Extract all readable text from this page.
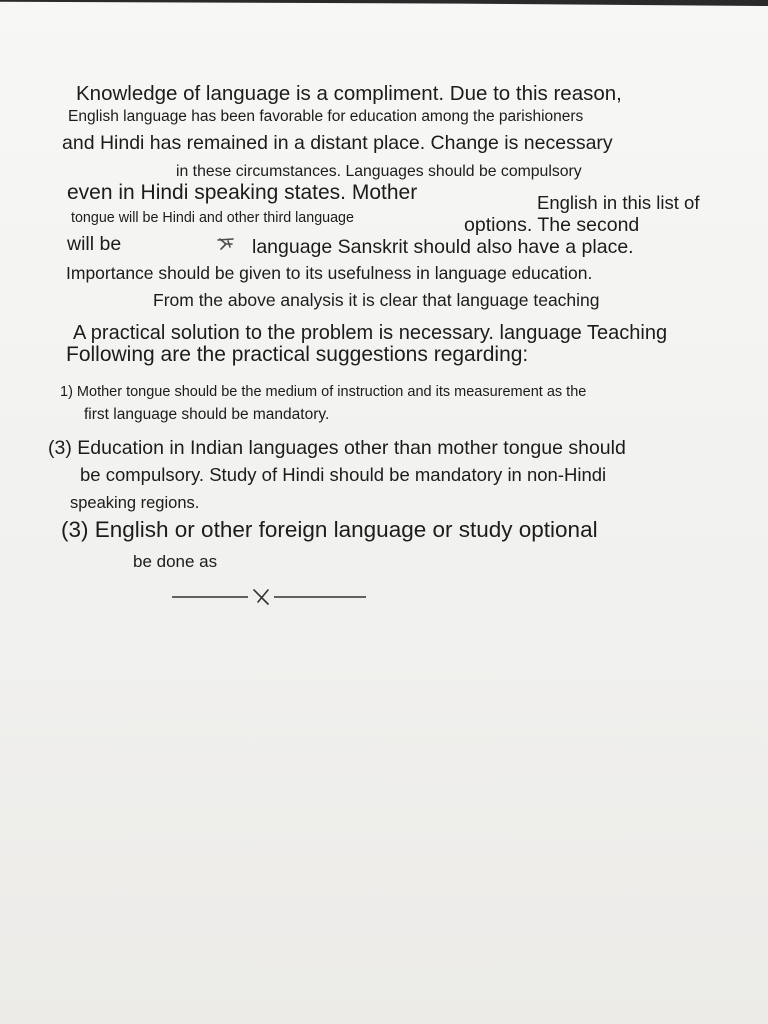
Knowledge of language is a compliment. Due to this reason,
English language has been favorable for education among the parishioners
and Hindi has remained in a distant place. Change is necessary
in these circumstances. Languages should be compulsory
even in Hindi speaking states. Mother	English in this list of
tongue will be Hindi and other third language	options. The second
will be	language Sanskrit should also have a place.
Importance should be given to its usefulness in language education.
From the above analysis it is clear that language teaching
A practical solution to the problem is necessary. language Teaching
Following are the practical suggestions regarding:
1) Mother tongue should be the medium of instruction and its measurement as the
first language should be mandatory.
(3) Education in Indian languages other than mother tongue should
be compulsory. Study of Hindi should be mandatory in non-Hindi
speaking regions.
(3) English or other foreign language or study optional
be done as
